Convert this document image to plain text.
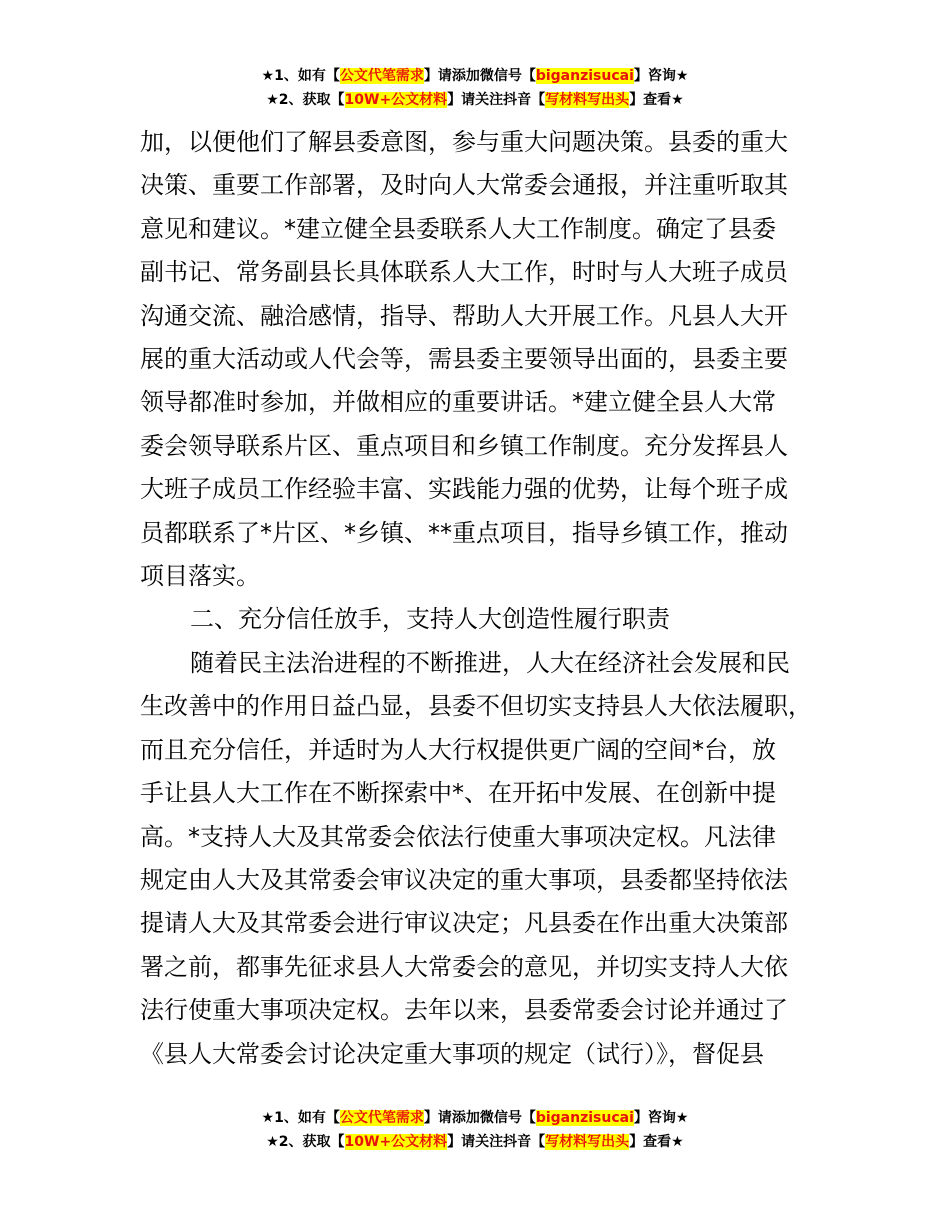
★1、如有【公文代笔需求】请添加微信号【biganzisucai】咨询★
★2、获取【10W+公文材料】请关注抖音【写材料写出头】查看★

加，以便他们了解县委意图，参与重大问题决策。县委的重大

决策、重要工作部署，及时向人大常委会通报，并注重听取其

意见和建议。*建立健全县委联系人大工作制度。确定了县委

副书记、常务副县长具体联系人大工作，时时与人大班子成员

沟通交流、融洽感情，指导、帮助人大开展工作。凡县人大开

展的重大活动或人代会等，需县委主要领导出面的，县委主要

领导都准时参加，并做相应的重要讲话。*建立健全县人大常

委会领导联系片区、重点项目和乡镇工作制度。充分发挥县人

大班子成员工作经验丰富、实践能力强的优势，让每个班子成

员都联系了*片区、*乡镇、**重点项目，指导乡镇工作，推动

项目落实。

二、充分信任放手，支持人大创造性履行职责

随着民主法治进程的不断推进，人大在经济社会发展和民

生改善中的作用日益凸显，县委不但切实支持县人大依法履职，

而且充分信任，并适时为人大行权提供更广阔的空间*台，放

手让县人大工作在不断探索中*、在开拓中发展、在创新中提

高。*支持人大及其常委会依法行使重大事项决定权。凡法律

规定由人大及其常委会审议决定的重大事项，县委都坚持依法

提请人大及其常委会进行审议决定；凡县委在作出重大决策部

署之前，都事先征求县人大常委会的意见，并切实支持人大依

法行使重大事项决定权。去年以来，县委常委会讨论并通过了

《县人大常委会讨论决定重大事项的规定（试行）》，督促县

★1、如有【公文代笔需求】请添加微信号【biganzisucai】咨询★
★2、获取【10W+公文材料】请关注抖音【写材料写出头】查看★
